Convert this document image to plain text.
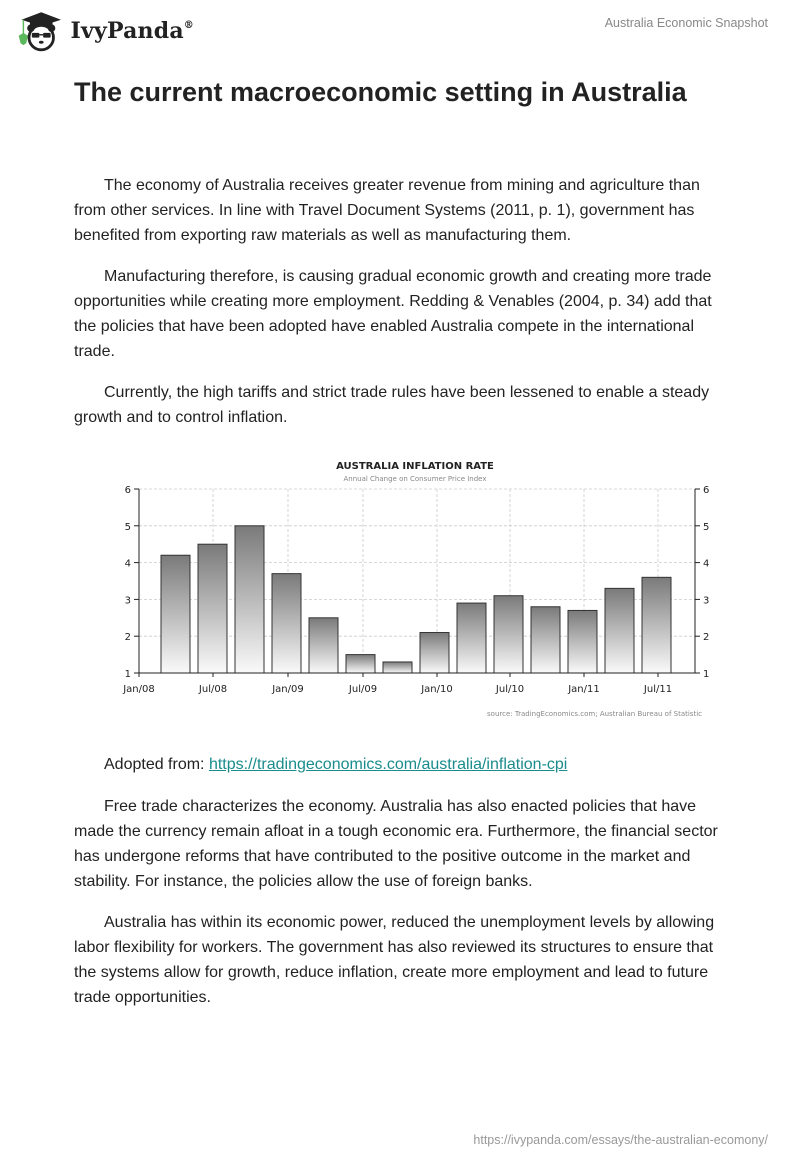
IvyPanda®	Australia Economic Snapshot
The current macroeconomic setting in Australia

The economy of Australia receives greater revenue from mining and agriculture than from other services. In line with Travel Document Systems (2011, p. 1), government has benefited from exporting raw materials as well as manufacturing them.

Manufacturing therefore, is causing gradual economic growth and creating more trade opportunities while creating more employment. Redding & Venables (2004, p. 34) add that the policies that have been adopted have enabled Australia compete in the international trade.

Currently, the high tariffs and strict trade rules have been lessened to enable a steady growth and to control inflation.

AUSTRALIA INFLATION RATE
Annual Change on Consumer Price Index
1	1
2	2
3	3
4	4
5	5
6	6
Jan/08	Jul/08	Jan/09	Jul/09	Jan/10	Jul/10	Jan/11	Jul/11
source: TradingEconomics.com; Australian Bureau of Statistic

Adopted from: https://tradingeconomics.com/australia/inflation-cpi

Free trade characterizes the economy. Australia has also enacted policies that have made the currency remain afloat in a tough economic era. Furthermore, the financial sector has undergone reforms that have contributed to the positive outcome in the market and stability. For instance, the policies allow the use of foreign banks.

Australia has within its economic power, reduced the unemployment levels by allowing labor flexibility for workers. The government has also reviewed its structures to ensure that the systems allow for growth, reduce inflation, create more employment and lead to future trade opportunities.

https://ivypanda.com/essays/the-australian-ecomony/
